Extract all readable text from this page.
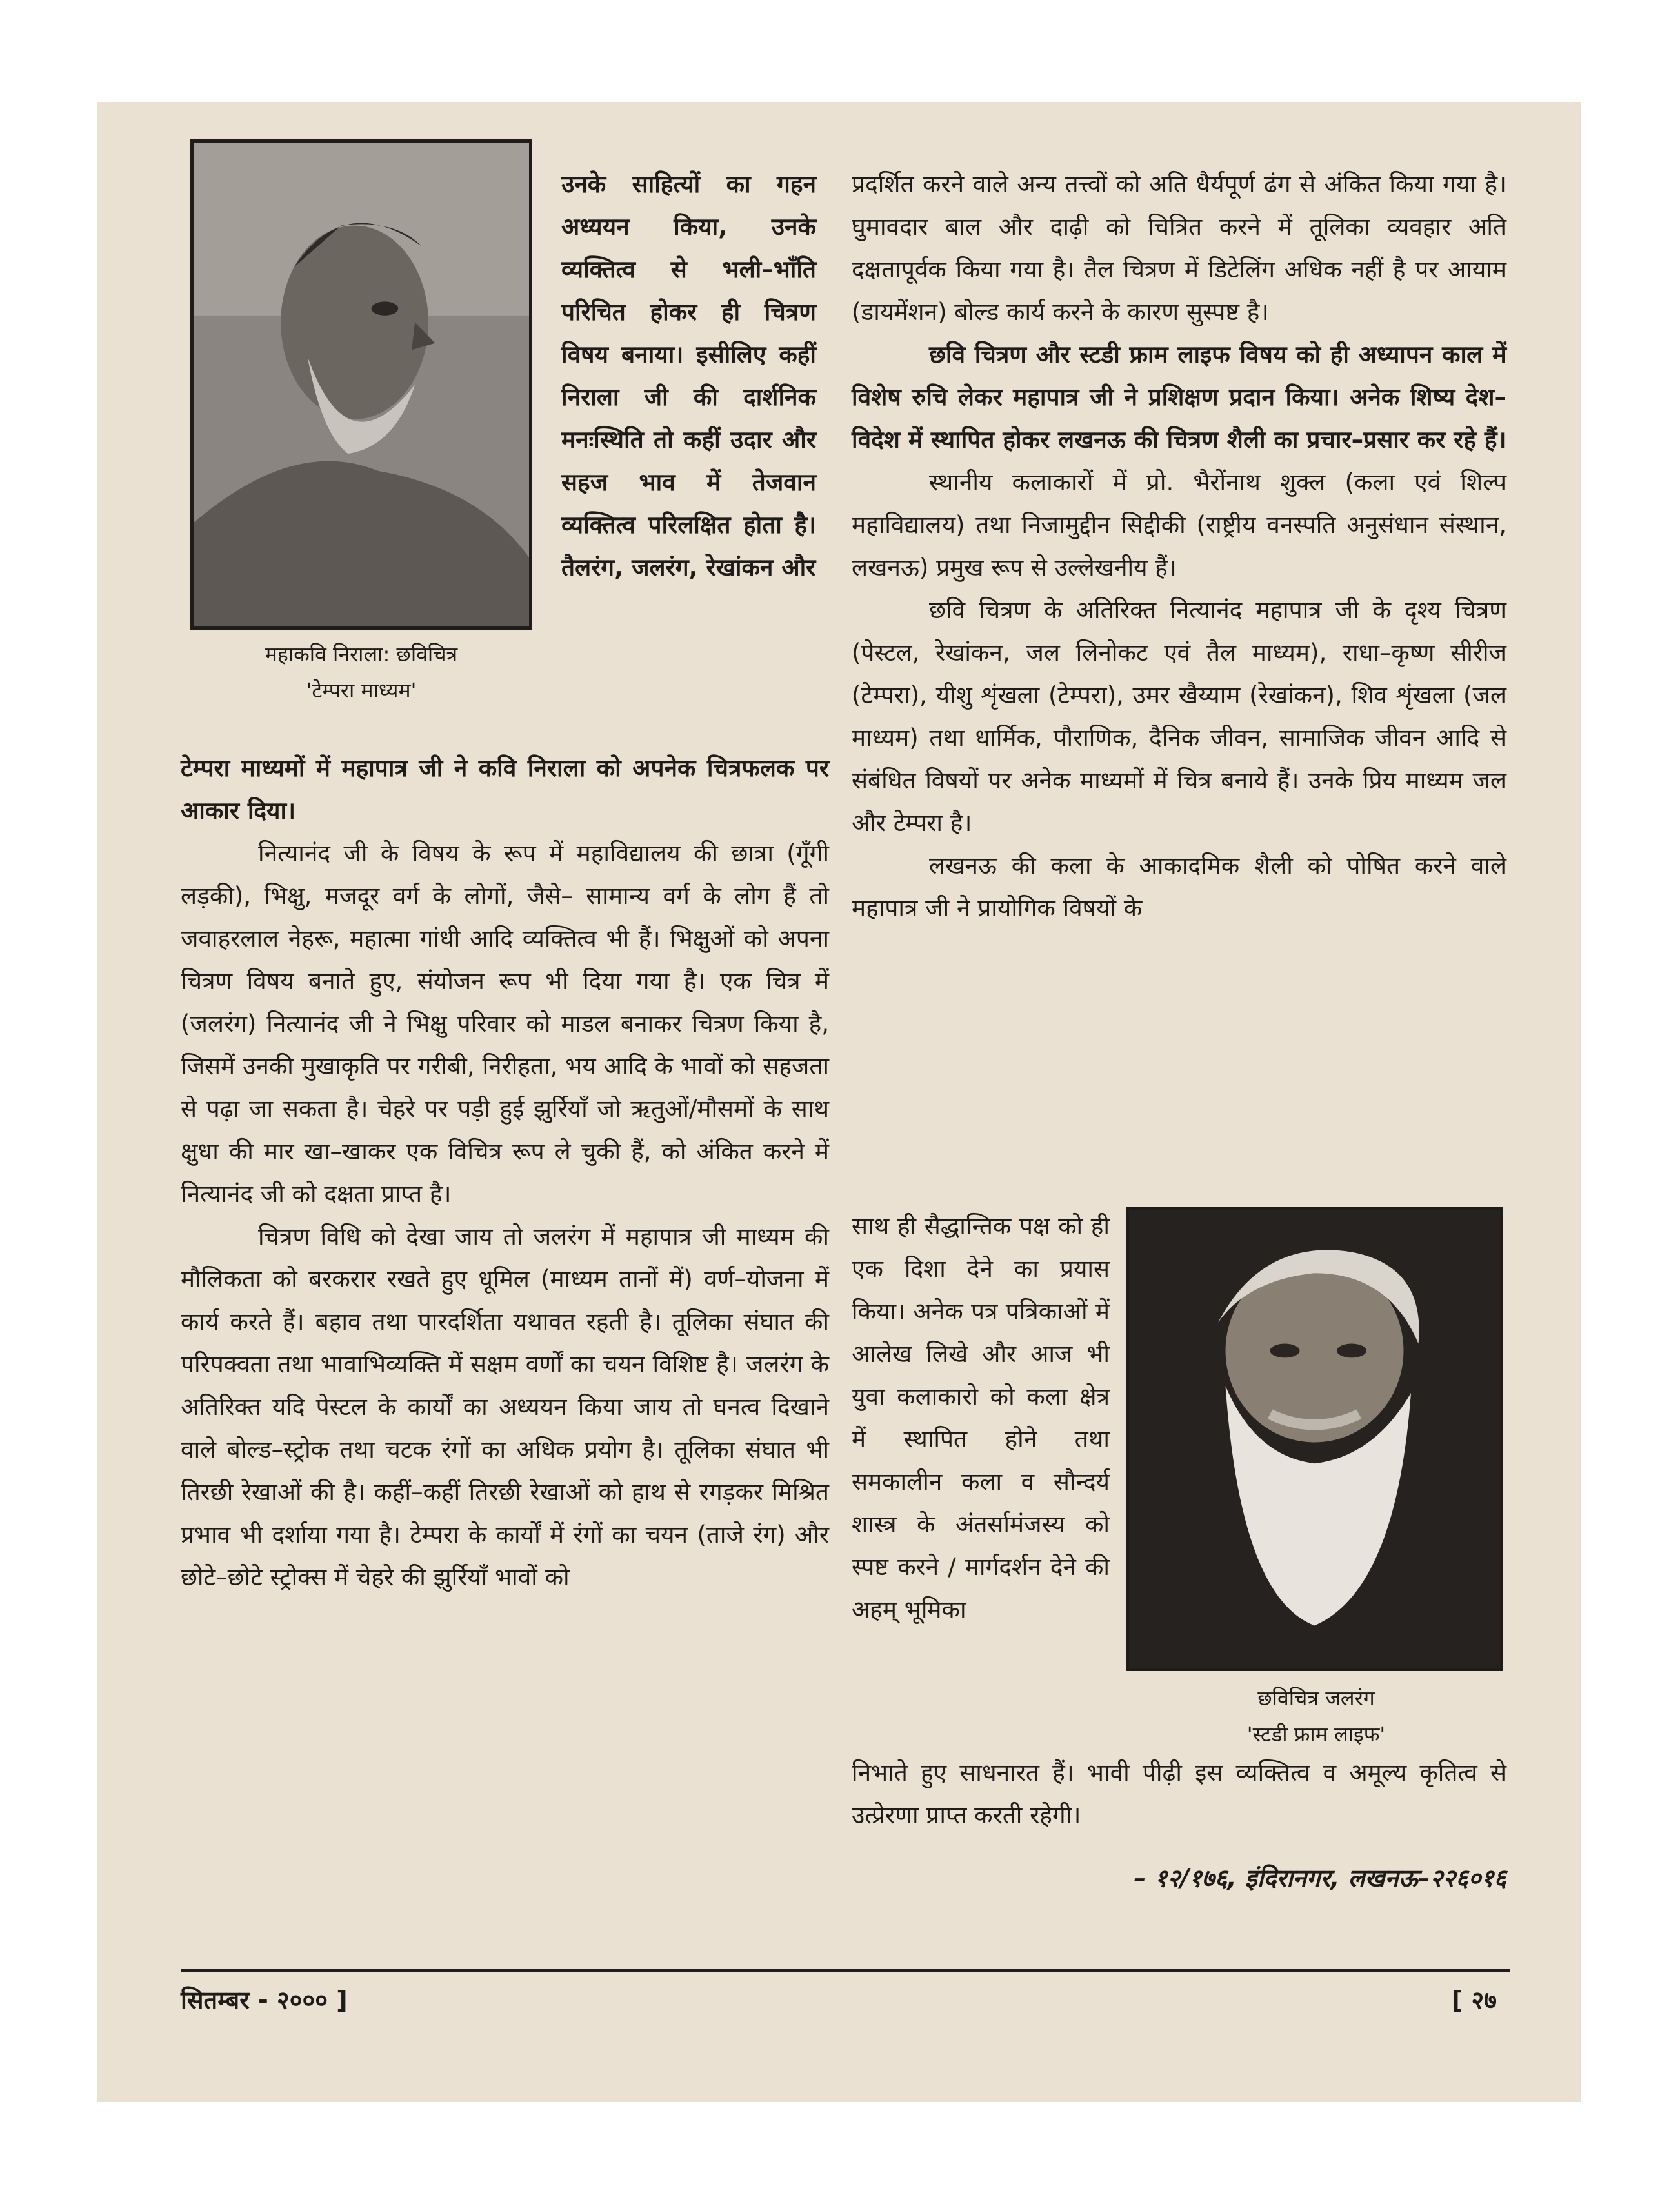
महाकवि निराला: छविचित्र
'टेम्परा माध्यम'

उनके साहित्यों का गहन अध्ययन किया, उनके व्यक्तित्व से भली–भाँति परिचित होकर ही चित्रण विषय बनाया। इसीलिए कहीं निराला जी की दार्शनिक मनःस्थिति तो कहीं उदार और सहज भाव में तेजवान व्यक्तित्व परिलक्षित होता है। तैलरंग, जलरंग, रेखांकन और

टेम्परा माध्यमों में महापात्र जी ने कवि निराला को अपनेक चित्रफलक पर आकार दिया।

नित्यानंद जी के विषय के रूप में महाविद्यालय की छात्रा (गूँगी लड़की), भिक्षु, मजदूर वर्ग के लोगों, जैसे– सामान्य वर्ग के लोग हैं तो जवाहरलाल नेहरू, महात्मा गांधी आदि व्यक्तित्व भी हैं। भिक्षुओं को अपना चित्रण विषय बनाते हुए, संयोजन रूप भी दिया गया है। एक चित्र में (जलरंग) नित्यानंद जी ने भिक्षु परिवार को माडल बनाकर चित्रण किया है, जिसमें उनकी मुखाकृति पर गरीबी, निरीहता, भय आदि के भावों को सहजता से पढ़ा जा सकता है। चेहरे पर पड़ी हुई झुर्रियाँ जो ऋतुओं/मौसमों के साथ क्षुधा की मार खा–खाकर एक विचित्र रूप ले चुकी हैं, को अंकित करने में नित्यानंद जी को दक्षता प्राप्त है।

चित्रण विधि को देखा जाय तो जलरंग में महापात्र जी माध्यम की मौलिकता को बरकरार रखते हुए धूमिल (माध्यम तानों में) वर्ण–योजना में कार्य करते हैं। बहाव तथा पारदर्शिता यथावत रहती है। तूलिका संघात की परिपक्वता तथा भावाभिव्यक्ति में सक्षम वर्णों का चयन विशिष्ट है। जलरंग के अतिरिक्त यदि पेस्टल के कार्यों का अध्ययन किया जाय तो घनत्व दिखाने वाले बोल्ड–स्ट्रोक तथा चटक रंगों का अधिक प्रयोग है। तूलिका संघात भी तिरछी रेखाओं की है। कहीं–कहीं तिरछी रेखाओं को हाथ से रगड़कर मिश्रित प्रभाव भी दर्शाया गया है। टेम्परा के कार्यों में रंगों का चयन (ताजे रंग) और छोटे–छोटे स्ट्रोक्स में चेहरे की झुर्रियाँ भावों को

प्रदर्शित करने वाले अन्य तत्त्वों को अति धैर्यपूर्ण ढंग से अंकित किया गया है। घुमावदार बाल और दाढ़ी को चित्रित करने में तूलिका व्यवहार अति दक्षतापूर्वक किया गया है। तैल चित्रण में डिटेलिंग अधिक नहीं है पर आयाम (डायमेंशन) बोल्ड कार्य करने के कारण सुस्पष्ट है।

छवि चित्रण और स्टडी फ्राम लाइफ विषय को ही अध्यापन काल में विशेष रुचि लेकर महापात्र जी ने प्रशिक्षण प्रदान किया। अनेक शिष्य देश–विदेश में स्थापित होकर लखनऊ की चित्रण शैली का प्रचार–प्रसार कर रहे हैं।

स्थानीय कलाकारों में प्रो. भैरोंनाथ शुक्ल (कला एवं शिल्प महाविद्यालय) तथा निजामुद्दीन सिद्दीकी (राष्ट्रीय वनस्पति अनुसंधान संस्थान, लखनऊ) प्रमुख रूप से उल्लेखनीय हैं।

छवि चित्रण के अतिरिक्त नित्यानंद महापात्र जी के दृश्य चित्रण (पेस्टल, रेखांकन, जल लिनोकट एवं तैल माध्यम), राधा–कृष्ण सीरीज (टेम्परा), यीशु शृंखला (टेम्परा), उमर खैय्याम (रेखांकन), शिव शृंखला (जल माध्यम) तथा धार्मिक, पौराणिक, दैनिक जीवन, सामाजिक जीवन आदि से संबंधित विषयों पर अनेक माध्यमों में चित्र बनाये हैं। उनके प्रिय माध्यम जल और टेम्परा है।

लखनऊ की कला के आकादमिक शैली को पोषित करने वाले महापात्र जी ने प्रायोगिक विषयों के

साथ ही सैद्धान्तिक पक्ष को ही एक दिशा देने का प्रयास किया। अनेक पत्र पत्रिकाओं में आलेख लिखे और आज भी युवा कलाकारो को कला क्षेत्र में स्थापित होने तथा समकालीन कला व सौन्दर्य शास्त्र के अंतर्सामंजस्य को स्पष्ट करने / मार्गदर्शन देने की अहम् भूमिका

छविचित्र जलरंग
'स्टडी फ्राम लाइफ'

निभाते हुए साधनारत हैं। भावी पीढ़ी इस व्यक्तित्व व अमूल्य कृतित्व से उत्प्रेरणा प्राप्त करती रहेगी।

– १२/१७६, इंदिरानगर, लखनऊ–२२६०१६
सितम्बर - २००० ]	[ २७
